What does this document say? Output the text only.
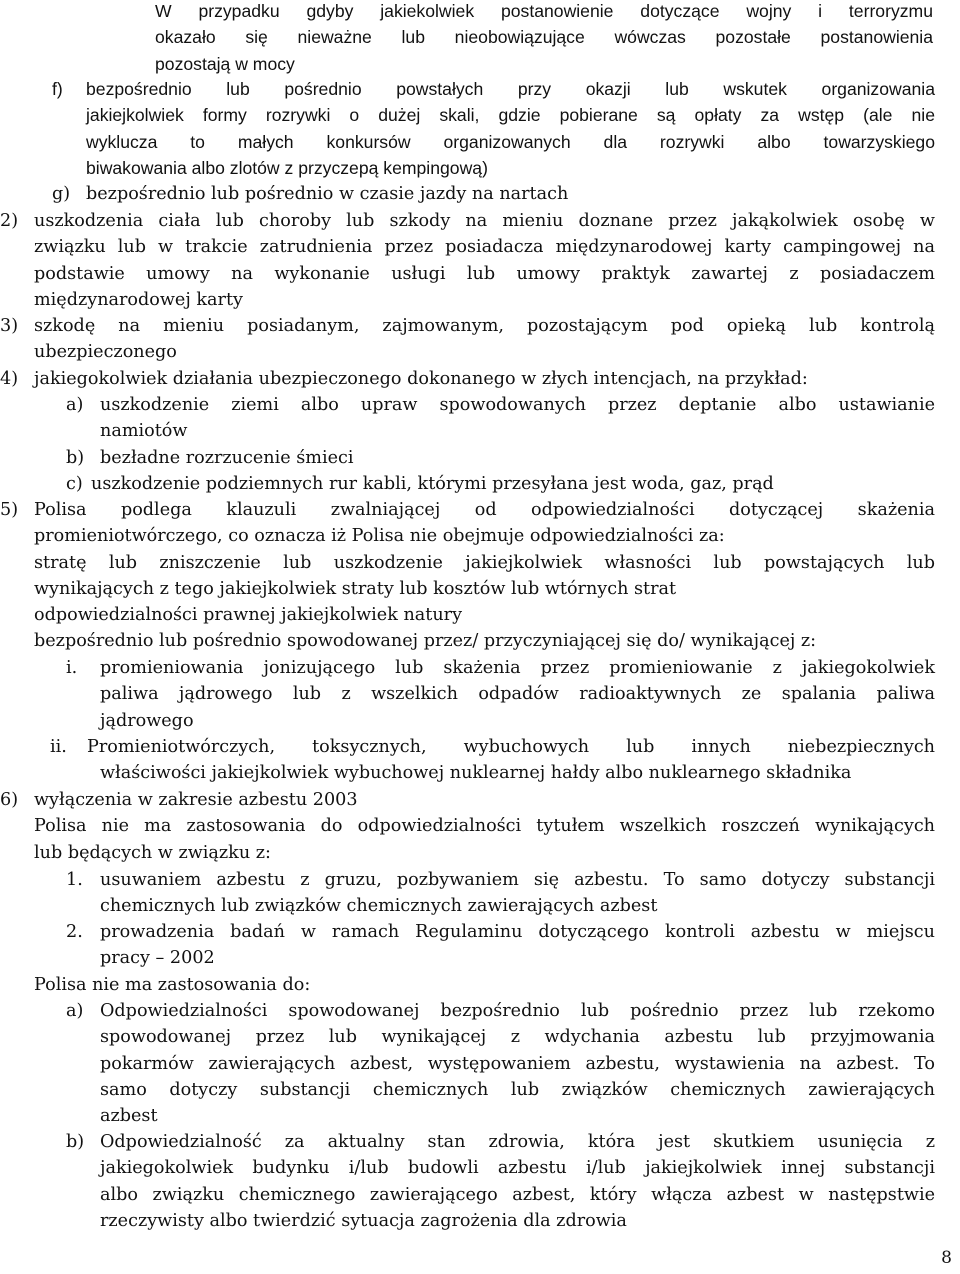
W przypadku gdyby jakiekolwiek postanowienie dotyczące wojny i terroryzmu
okazało się nieważne lub nieobowiązujące wówczas pozostałe postanowienia
pozostają w mocy
f) bezpośrednio lub pośrednio powstałych przy okazji lub wskutek organizowania
jakiejkolwiek formy rozrywki o dużej skali, gdzie pobierane są opłaty za wstęp (ale nie
wyklucza to małych konkursów organizowanych dla rozrywki albo towarzyskiego
biwakowania albo zlotów z przyczepą kempingową)
g) bezpośrednio lub pośrednio w czasie jazdy na nartach
2) uszkodzenia ciała lub choroby lub szkody na mieniu doznane przez jakąkolwiek osobę w
związku lub w trakcie zatrudnienia przez posiadacza międzynarodowej karty campingowej na
podstawie umowy na wykonanie usługi lub umowy praktyk zawartej z posiadaczem
międzynarodowej karty
3) szkodę na mieniu posiadanym, zajmowanym, pozostającym pod opieką lub kontrolą
ubezpieczonego
4) jakiegokolwiek działania ubezpieczonego dokonanego w złych intencjach, na przykład:
a) uszkodzenie ziemi albo upraw spowodowanych przez deptanie albo ustawianie
namiotów
b) bezładne rozrzucenie śmieci
c) uszkodzenie podziemnych rur kabli, którymi przesyłana jest woda, gaz, prąd
5) Polisa podlega klauzuli zwalniającej od odpowiedzialności dotyczącej skażenia
promieniotwórczego, co oznacza iż Polisa nie obejmuje odpowiedzialności za:
stratę lub zniszczenie lub uszkodzenie jakiejkolwiek własności lub powstających lub
wynikających z tego jakiejkolwiek straty lub kosztów lub wtórnych strat
odpowiedzialności prawnej jakiejkolwiek natury
bezpośrednio lub pośrednio spowodowanej przez/ przyczyniającej się do/ wynikającej z:
i. promieniowania jonizującego lub skażenia przez promieniowanie z jakiegokolwiek
paliwa jądrowego lub z wszelkich odpadów radioaktywnych ze spalania paliwa
jądrowego
ii. Promieniotwórczych, toksycznych, wybuchowych lub innych niebezpiecznych
właściwości jakiejkolwiek wybuchowej nuklearnej hałdy albo nuklearnego składnika
6) wyłączenia w zakresie azbestu 2003
Polisa nie ma zastosowania do odpowiedzialności tytułem wszelkich roszczeń wynikających
lub będących w związku z:
1. usuwaniem azbestu z gruzu, pozbywaniem się azbestu. To samo dotyczy substancji
chemicznych lub związków chemicznych zawierających azbest
2. prowadzenia badań w ramach Regulaminu dotyczącego kontroli azbestu w miejscu
pracy – 2002
Polisa nie ma zastosowania do:
a) Odpowiedzialności spowodowanej bezpośrednio lub pośrednio przez lub rzekomo
spowodowanej przez lub wynikającej z wdychania azbestu lub przyjmowania
pokarmów zawierających azbest, występowaniem azbestu, wystawienia na azbest. To
samo dotyczy substancji chemicznych lub związków chemicznych zawierających
azbest
b) Odpowiedzialność za aktualny stan zdrowia, która jest skutkiem usunięcia z
jakiegokolwiek budynku i/lub budowli azbestu i/lub jakiejkolwiek innej substancji
albo związku chemicznego zawierającego azbest, który włącza azbest w następstwie
rzeczywisty albo twierdzić sytuacja zagrożenia dla zdrowia
8
